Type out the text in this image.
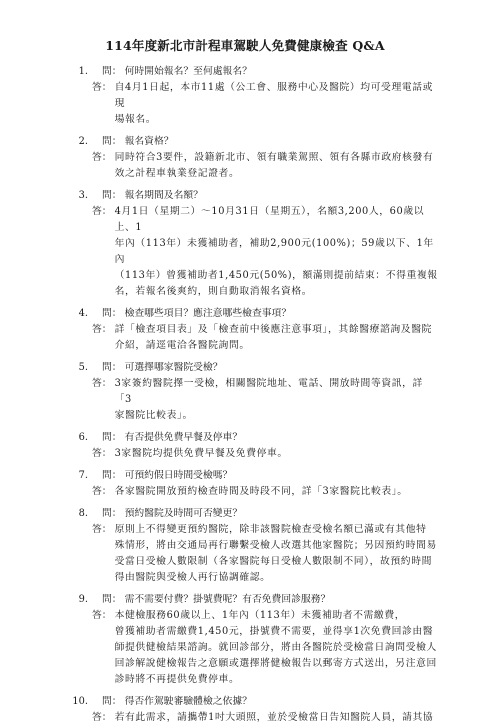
114年度新北市計程車駕駛人免費健康檢查 Q&A
1. 問： 何時開始報名？至何處報名？
答： 自4月1日起，本市11處（公工會、服務中心及醫院）均可受理電話或現
場報名。
2. 問： 報名資格？
答： 同時符合3要件，設籍新北市、領有職業駕照、領有各縣市政府核發有
效之計程車執業登記證者。
3. 問： 報名期間及名額？
答： 4月1日（星期二）～10月31日（星期五），名額3,200人，60歲以上、1
年內（113年）未獲補助者，補助2,900元(100%)；59歲以下、1年內
（113年）曾獲補助者1,450元(50%)，額滿則提前結束：不得重複報
名，若報名後爽約，則自動取消報名資格。
4. 問： 檢查哪些項目？應注意哪些檢查事項？
答： 詳「檢查項目表」及「檢查前中後應注意事項」，其餘醫療諮詢及醫院
介紹，請逕電洽各醫院詢問。
5. 問： 可選擇哪家醫院受檢？
答： 3家簽約醫院擇一受檢，相關醫院地址、電話、開放時間等資訊，詳「3
家醫院比較表」。
6. 問： 有否提供免費早餐及停車？
答： 3家醫院均提供免費早餐及免費停車。
7. 問： 可預約假日時間受檢嗎？
答： 各家醫院開放預約檢查時間及時段不同，詳「3家醫院比較表」。
8. 問： 預約醫院及時間可否變更？
答： 原則上不得變更預約醫院，除非該醫院檢查受檢名額已滿或有其他特
殊情形，將由交通局再行聯繫受檢人改選其他家醫院；另因預約時間易
受當日受檢人數限制（各家醫院每日受檢人數限制不同），故預約時間
得由醫院與受檢人再行協調確認。
9. 問： 需不需要付費？掛號費呢？有否免費回診服務？
答： 本健檢服務60歲以上、1年內（113年）未獲補助者不需繳費，
曾獲補助者需繳費1,450元，掛號費不需要，並得享1次免費回診由醫
師提供健檢結果諮詢。就回診部分，將由各醫院於受檢當日詢問受檢人
回診解說健檢報告之意願或選擇將健檢報告以郵寄方式送出，另注意回
診時將不再提供免費停車。
10. 問： 得否作駕駛審驗體檢之依據？
答： 若有此需求，請攜帶1吋大頭照，並於受檢當日告知醫院人員，請其協
